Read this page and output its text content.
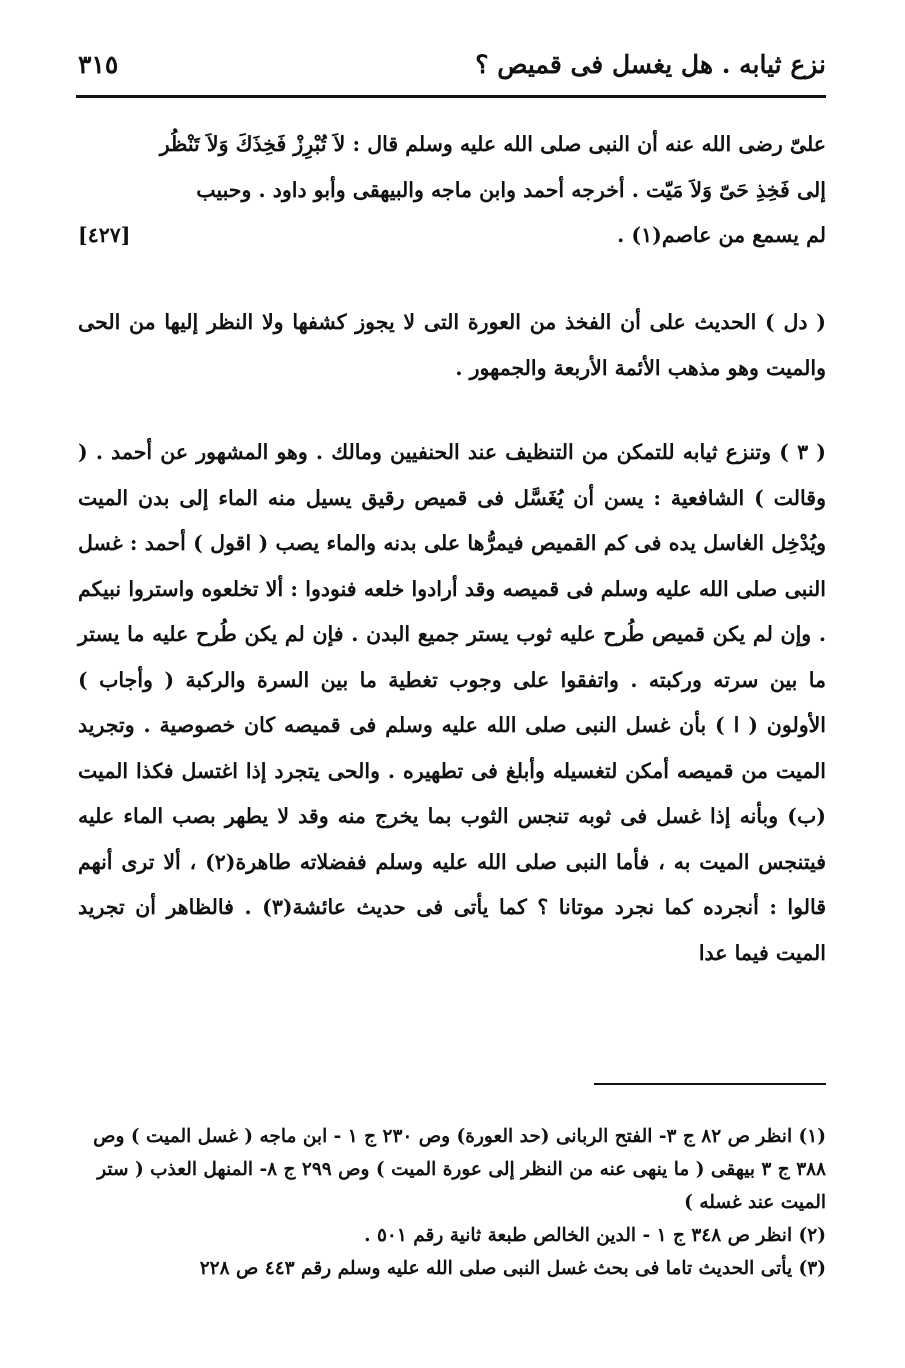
نزع ثيابه . هل يغسل فى قميص ؟
٣١٥

علىّ رضى الله عنه أن النبى صلى الله عليه وسلم قال : لاَ تُبْرِزْ فَخِذَكَ وَلاَ تَنْظُر

إلى فَخِذِ حَىّ وَلاَ مَيّت . أخرجه أحمد وابن ماجه والبيهقى وأبو داود . وحبيب

لم يسمع من عاصم(١) .
[٤٢٧]

( دل ) الحديث على أن الفخذ من العورة التى لا يجوز كشفها ولا النظر إليها من الحى والميت وهو مذهب الأئمة الأربعة والجمهور .

( ٣ ) وتنزع ثيابه للتمكن من التنظيف عند الحنفيين ومالك . وهو المشهور عن أحمد . ( وقالت ) الشافعية : يسن أن يُغَسَّل فى قميص رقيق يسيل منه الماء إلى بدن الميت ويُدْخِل الغاسل يده فى كم القميص فيمرُّها على بدنه والماء يصب ( اقول ) أحمد : غسل النبى صلى الله عليه وسلم فى قميصه وقد أرادوا خلعه فنودوا : ألا تخلعوه واستروا نبيكم . وإن لم يكن قميص طُرح عليه ثوب يستر جميع البدن . فإن لم يكن طُرح عليه ما يستر ما بين سرته وركبته . واتفقوا على وجوب تغطية ما بين السرة والركبة ( وأجاب ) الأولون ( ا ) بأن غسل النبى صلى الله عليه وسلم فى قميصه كان خصوصية . وتجريد الميت من قميصه أمكن لتغسيله وأبلغ فى تطهيره . والحى يتجرد إذا اغتسل فكذا الميت (ب) وبأنه إذا غسل فى ثوبه تنجس الثوب بما يخرج منه وقد لا يطهر بصب الماء عليه فيتنجس الميت به ، فأما النبى صلى الله عليه وسلم ففضلاته طاهرة(٢) ، ألا ترى أنهم قالوا : أنجرده كما نجرد موتانا ؟ كما يأتى فى حديث عائشة(٣) . فالظاهر أن تجريد الميت فيما عدا

(١) انظر ص ٨٢ ج ٣- الفتح الربانى (حد العورة) وص ٢٣٠ ج ١ - ابن ماجه ( غسل الميت ) وص ٣٨٨ ج ٣ بيهقى ( ما ينهى عنه من النظر إلى عورة الميت ) وص ٢٩٩ ج ٨- المنهل العذب ( ستر الميت عند غسله )

(٢) انظر ص ٣٤٨ ج ١ - الدين الخالص طبعة ثانية رقم ٥٠١ .

(٣) يأتى الحديث تاما فى بحث غسل النبى صلى الله عليه وسلم رقم ٤٤٣ ص ٢٢٨
